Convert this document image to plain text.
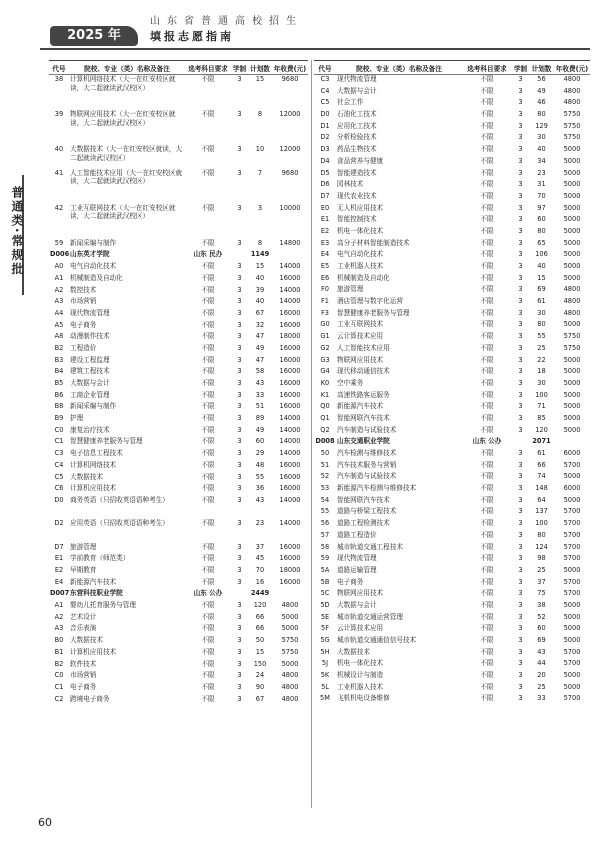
2025 年
山东省普通高校招生
填报志愿指南
普通类·常规批
代号	院校、专业（类）名称及备注	选考科目要求	学制	计划数	年收费(元)
38	计算机网络技术（大一在红安校区就读，大二起就读武汉校区）	不限	3	15	9680
39	物联网应用技术（大一在红安校区就读，大二起就读武汉校区）	不限	3	8	12000
40	大数据技术（大一在红安校区就读，大二起就读武汉校区）	不限	3	10	12000
41	人工智能技术应用（大一在红安校区就读，大二起就读武汉校区）	不限	3	7	9680
42	工业互联网技术（大一在红安校区就读，大二起就读武汉校区）	不限	3	3	10000
59	新闻采编与制作	不限	3	8	14800
D006	山东英才学院	山东 民办		1149	
A0	电气自动化技术	不限	3	15	14000
A1	机械制造及自动化	不限	3	40	16000
A2	数控技术	不限	3	39	14000
A3	市场营销	不限	3	40	14000
A4	现代物流管理	不限	3	67	16000
A5	电子商务	不限	3	32	16000
A8	动漫制作技术	不限	3	47	18000
B2	工程造价	不限	3	49	16000
B3	建设工程监理	不限	3	47	16000
B4	建筑工程技术	不限	3	58	16000
B5	大数据与会计	不限	3	43	16000
B6	工商企业管理	不限	3	33	16000
B8	新闻采编与制作	不限	3	51	16000
B9	护理	不限	3	89	14000
C0	康复治疗技术	不限	3	49	14000
C1	智慧健康养老服务与管理	不限	3	60	14000
C3	电子信息工程技术	不限	3	29	14000
C4	计算机网络技术	不限	3	48	16000
C5	大数据技术	不限	3	55	16000
C6	计算机应用技术	不限	3	36	16000
D0	商务英语（只招收英语语种考生）	不限	3	43	14000
D2	应用英语（只招收英语语种考生）	不限	3	23	14000
D7	旅游管理	不限	3	37	16000
E1	学前教育（师范类）	不限	3	45	16000
E2	早期教育	不限	3	70	18000
E4	新能源汽车技术	不限	3	16	16000
D007	东营科技职业学院	山东 公办		2449	
A1	婴幼儿托育服务与管理	不限	3	120	4800
A2	艺术设计	不限	3	66	5000
A3	音乐表演	不限	3	66	5000
B0	大数据技术	不限	3	50	5750
B1	计算机应用技术	不限	3	15	5750
B2	软件技术	不限	3	150	5000
C0	市场营销	不限	3	24	4800
C1	电子商务	不限	3	90	4800
C2	跨境电子商务	不限	3	67	4800
代号	院校、专业（类）名称及备注	选考科目要求	学制	计划数	年收费(元)
C3	现代物流管理	不限	3	56	4800
C4	大数据与会计	不限	3	49	4800
C5	社会工作	不限	3	46	4800
D0	石油化工技术	不限	3	80	5750
D1	应用化工技术	不限	3	129	5750
D2	分析检验技术	不限	3	30	5750
D3	药品生物技术	不限	3	40	5000
D4	食品营养与健康	不限	3	34	5000
D5	智能建造技术	不限	3	23	5000
D6	园林技术	不限	3	31	5000
D7	现代农业技术	不限	3	70	5000
E0	无人机应用技术	不限	3	97	5000
E1	智能控制技术	不限	3	60	5000
E2	机电一体化技术	不限	3	80	5000
E3	高分子材料智能制造技术	不限	3	65	5000
E4	电气自动化技术	不限	3	106	5000
E5	工业机器人技术	不限	3	40	5000
E6	机械制造及自动化	不限	3	15	5000
F0	旅游管理	不限	3	69	4800
F1	酒店管理与数字化运营	不限	3	61	4800
F3	智慧健康养老服务与管理	不限	3	30	4800
G0	工业互联网技术	不限	3	80	5000
G1	云计算技术应用	不限	3	55	5750
G2	人工智能技术应用	不限	3	25	5750
G3	物联网应用技术	不限	3	22	5000
G4	现代移动通信技术	不限	3	18	5000
K0	空中乘务	不限	3	30	5000
K1	高速铁路客运服务	不限	3	100	5000
Q0	新能源汽车技术	不限	3	71	5000
Q1	智能网联汽车技术	不限	3	85	5000
Q2	汽车制造与试验技术	不限	3	120	5000
D008	山东交通职业学院	山东 公办		2071	
50	汽车检测与维修技术	不限	3	61	6000
51	汽车技术服务与营销	不限	3	66	5700
52	汽车制造与试验技术	不限	3	74	5000
53	新能源汽车检测与维修技术	不限	3	148	6000
54	智能网联汽车技术	不限	3	64	5000
55	道路与桥梁工程技术	不限	3	137	5700
56	道路工程检测技术	不限	3	100	5700
57	道路工程造价	不限	3	80	5700
58	城市轨道交通工程技术	不限	3	124	5700
59	现代物流管理	不限	3	98	5700
5A	道路运输管理	不限	3	25	5000
5B	电子商务	不限	3	37	5700
5C	物联网应用技术	不限	3	75	5700
5D	大数据与会计	不限	3	38	5000
5E	城市轨道交通运营管理	不限	3	52	5000
5F	云计算技术应用	不限	3	60	5000
5G	城市轨道交通通信信号技术	不限	3	69	5000
5H	大数据技术	不限	3	43	5700
5J	机电一体化技术	不限	3	44	5700
5K	机械设计与制造	不限	3	20	5000
5L	工业机器人技术	不限	3	25	5000
5M	飞机机电设备维修	不限	3	33	5700
60
